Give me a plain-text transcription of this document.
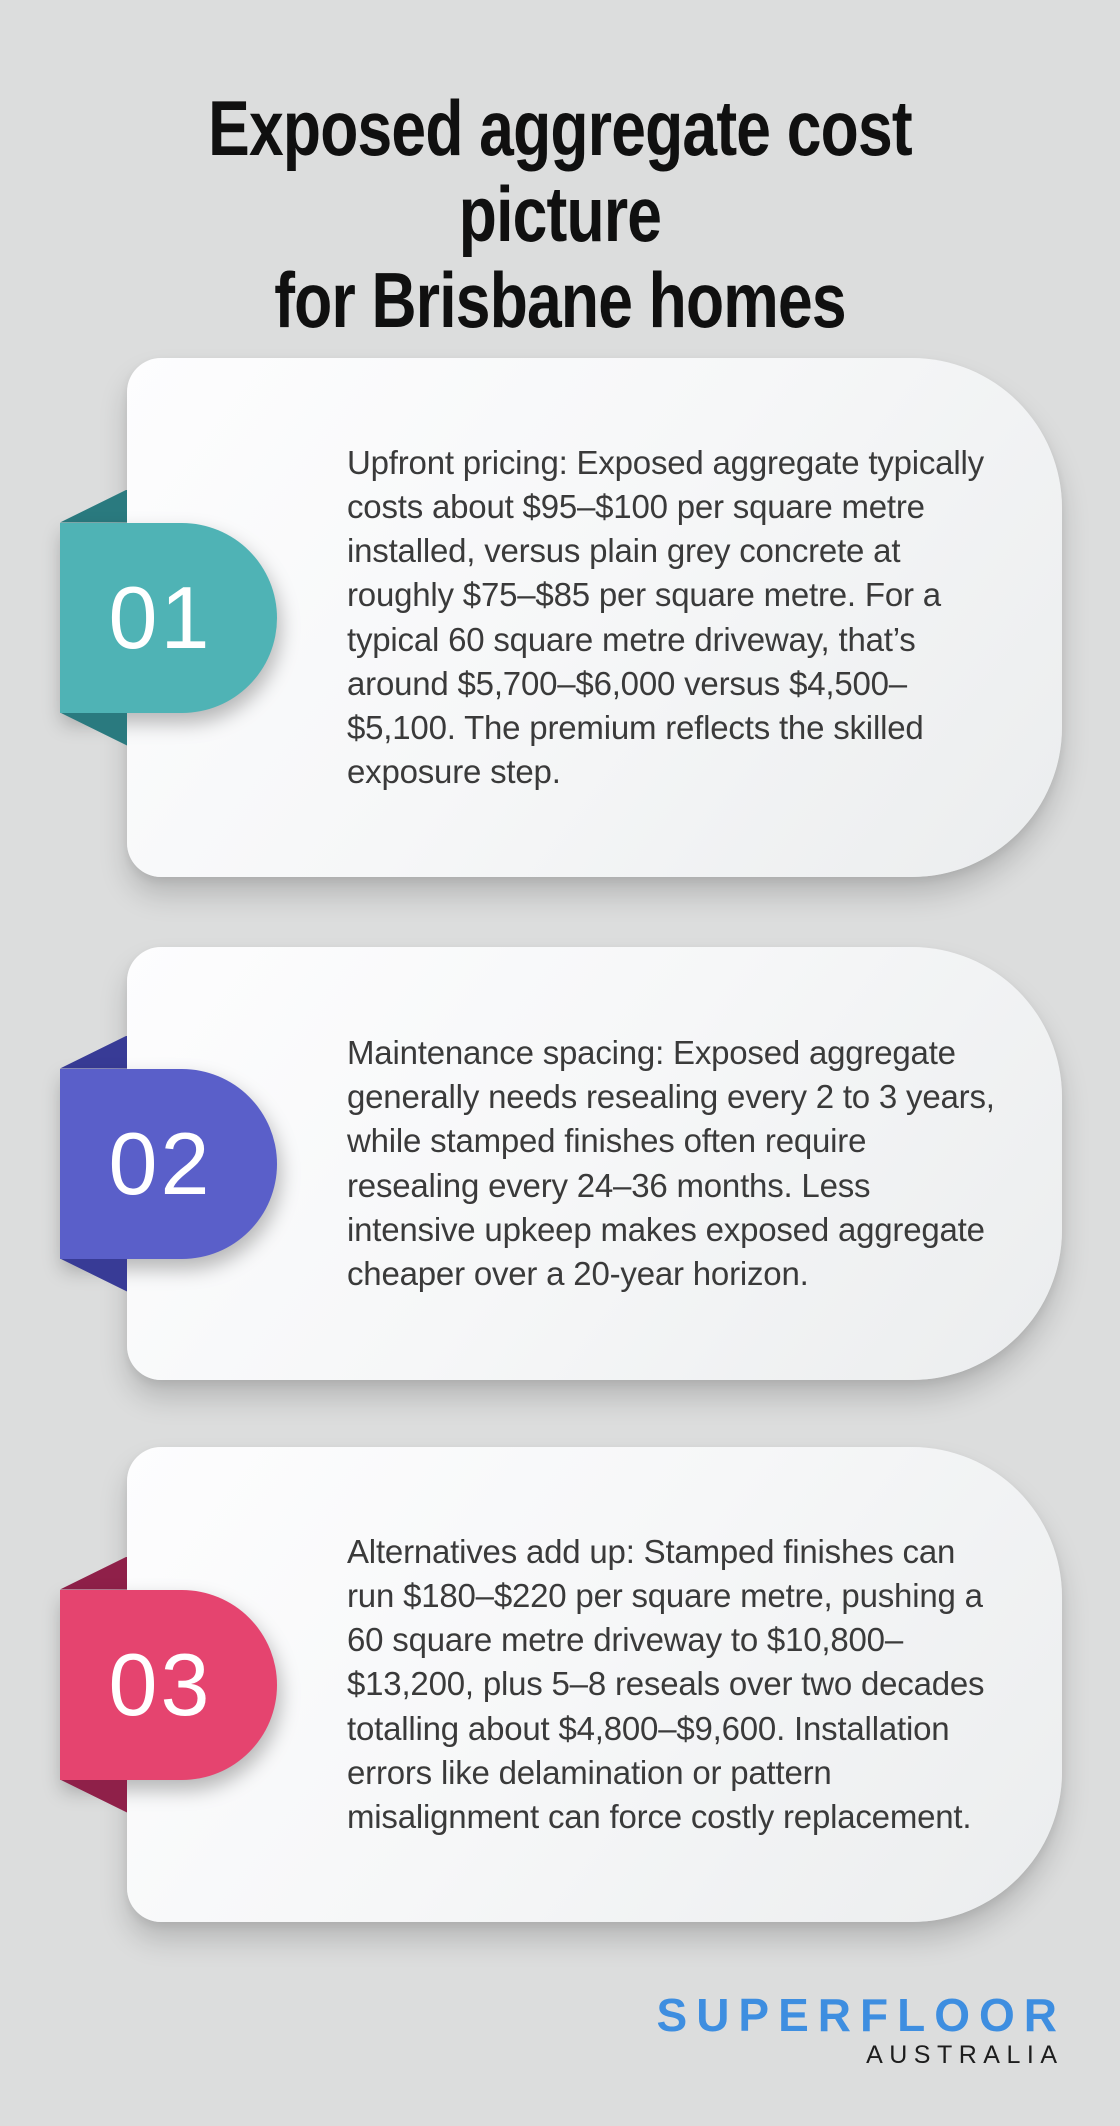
Exposed aggregate cost picture
for Brisbane homes
01

Upfront pricing: Exposed aggregate typically costs about $95–$100 per square metre installed, versus plain grey concrete at roughly $75–$85 per square metre. For a typical 60 square metre driveway, that’s around $5,700–$6,000 versus $4,500–$5,100. The premium reflects the skilled exposure step.

02

Maintenance spacing: Exposed aggregate generally needs resealing every 2 to 3 years, while stamped finishes often require resealing every 24–36 months. Less intensive upkeep makes exposed aggregate cheaper over a 20-year horizon.

03

Alternatives add up: Stamped finishes can run $180–$220 per square metre, pushing a 60 square metre driveway to $10,800–$13,200, plus 5–8 reseals over two decades totalling about $4,800–$9,600. Installation errors like delamination or pattern misalignment can force costly replacement.

SUPERFLOOR
AUSTRALIA
